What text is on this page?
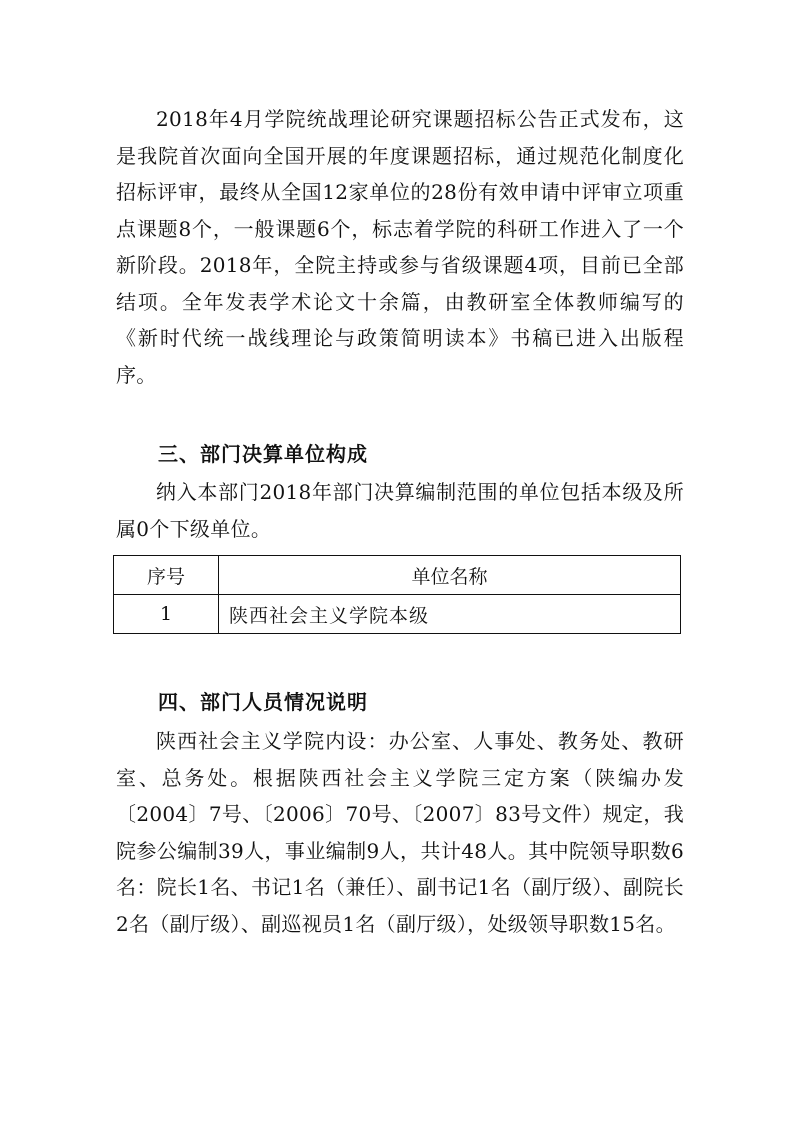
2018年4月学院统战理论研究课题招标公告正式发布，这是我院首次面向全国开展的年度课题招标，通过规范化制度化招标评审，最终从全国12家单位的28份有效申请中评审立项重点课题8个，一般课题6个，标志着学院的科研工作进入了一个新阶段。2018年，全院主持或参与省级课题4项，目前已全部结项。全年发表学术论文十余篇，由教研室全体教师编写的《新时代统一战线理论与政策简明读本》书稿已进入出版程序。

三、部门决算单位构成

纳入本部门2018年部门决算编制范围的单位包括本级及所属0个下级单位。

序号	单位名称
1	陕西社会主义学院本级
四、部门人员情况说明

陕西社会主义学院内设：办公室、人事处、教务处、教研室、总务处。根据陕西社会主义学院三定方案（陕编办发〔2004〕7号、〔2006〕70号、〔2007〕83号文件）规定，我院参公编制39人，事业编制9人，共计48人。其中院领导职数6名：院长1名、书记1名（兼任）、副书记1名（副厅级）、副院长2名（副厅级）、副巡视员1名（副厅级），处级领导职数15名。
